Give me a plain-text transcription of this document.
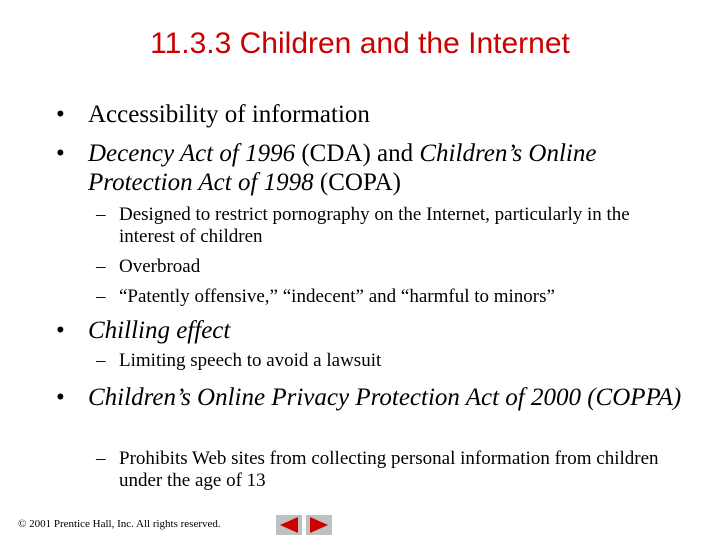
11.3.3 Children and the Internet
• Accessibility of information
• Decency Act of 1996 (CDA) and Children’s Online Protection Act of 1998 (COPA)
– Designed to restrict pornography on the Internet, particularly in the interest of children
– Overbroad
– “Patently offensive,” “indecent” and “harmful to minors”
• Chilling effect
– Limiting speech to avoid a lawsuit
• Children’s Online Privacy Protection Act of 2000 (COPPA)
– Prohibits Web sites from collecting personal information from children under the age of 13
© 2001 Prentice Hall, Inc. All rights reserved.
